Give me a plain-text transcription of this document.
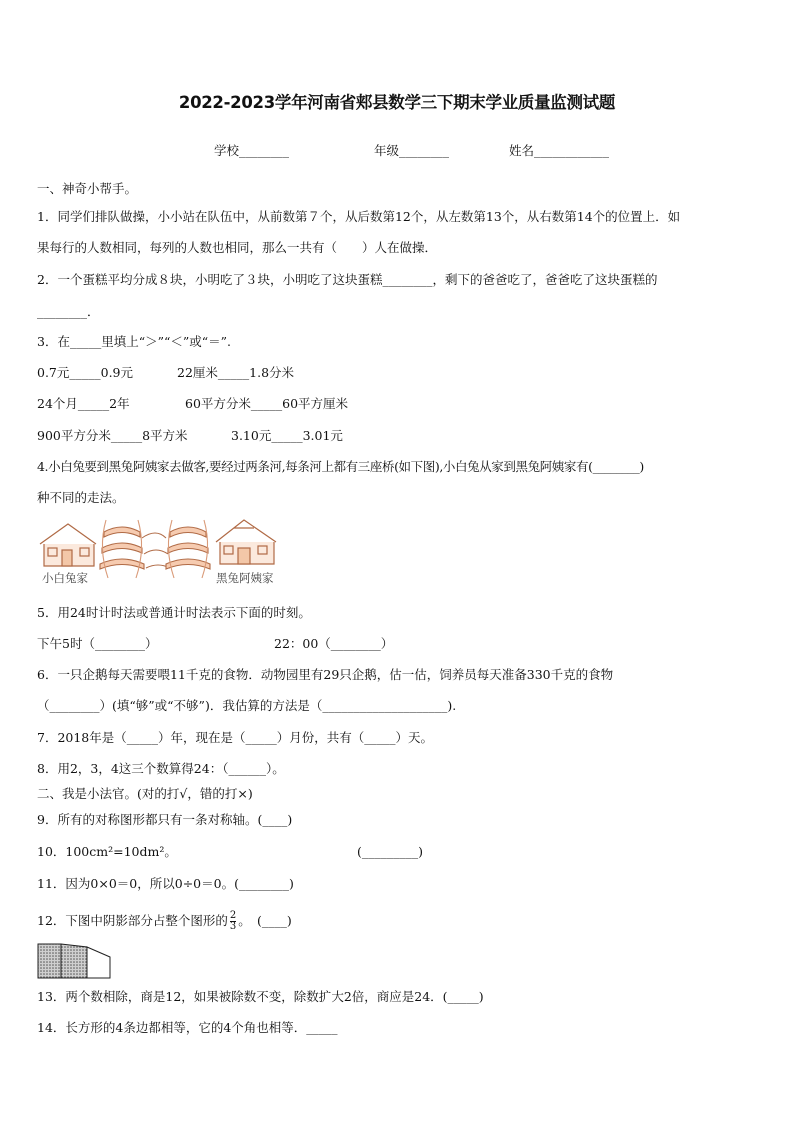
2022-2023学年河南省郏县数学三下期末学业质量监测试题
学校________	年级________	姓名____________
一、神奇小帮手。
1．同学们排队做操，小小站在队伍中，从前数第７个，从后数第12个，从左数第13个，从右数第14个的位置上．如
果每行的人数相同，每列的人数也相同，那么一共有（　　）人在做操．
2．一个蛋糕平均分成８块，小明吃了３块，小明吃了这块蛋糕________，剩下的爸爸吃了，爸爸吃了这块蛋糕的
________．
3．在_____里填上“＞”“＜”或“＝”.
0.7元_____0.9元	22厘米_____1.8分米
24个月_____2年	60平方分米_____60平方厘米
900平方分米_____8平方米	3.10元_____3.01元
4.小白兔要到黑兔阿姨家去做客,要经过两条河,每条河上都有三座桥(如下图),小白兔从家到黑兔阿姨家有(________)
种不同的走法。
小白兔家	黑兔阿姨家
5．用24时计时法或普通计时法表示下面的时刻。
下午5时（________）	22：00（________）
6．一只企鹅每天需要喂11千克的食物．动物园里有29只企鹅，估一估，饲养员每天准备330千克的食物
（________）(填“够”或“不够”)．我估算的方法是（____________________).
7．2018年是（_____）年，现在是（_____）月份，共有（_____）天。
8．用2，3，4这三个数算得24：（______）。
二、我是小法官。(对的打√，错的打×)
9．所有的对称图形都只有一条对称轴。(____)
10．100cm²=10dm²。	(_________)
11．因为0×0＝0，所以0÷0＝0。(________)
12．下图中阴影部分占整个图形的 $\frac{2}{3}$ 。　(____)
13．两个数相除，商是12，如果被除数不变，除数扩大2倍，商应是24．(_____)
14．长方形的4条边都相等，它的4个角也相等．_____
